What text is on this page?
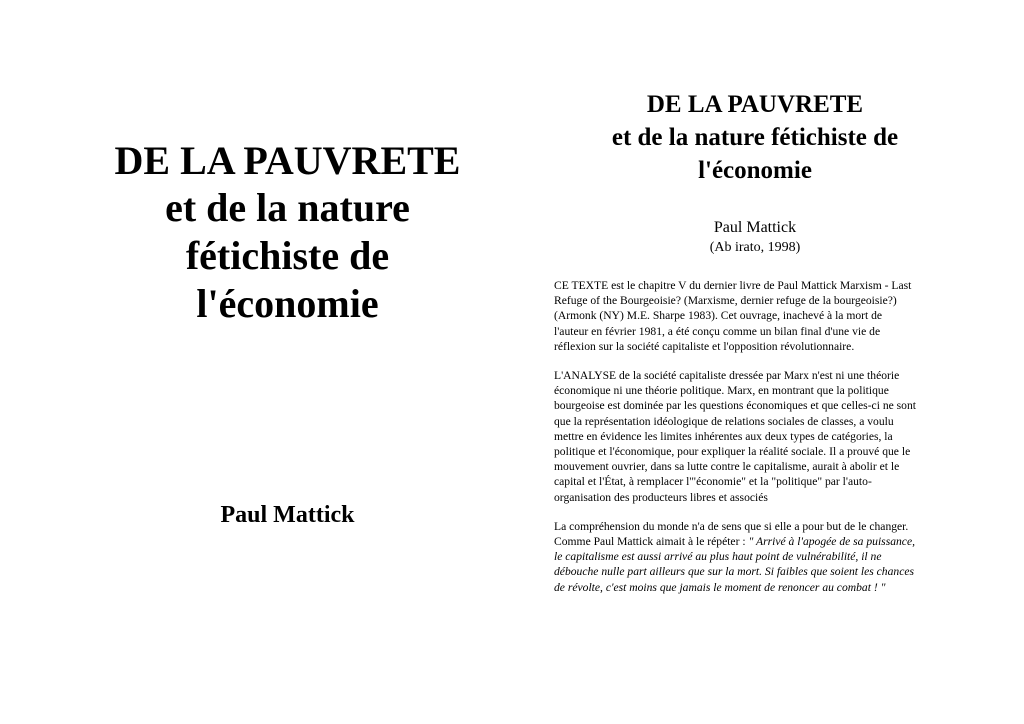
DE LA PAUVRETE
et de la nature
fétichiste de
l'économie
Paul Mattick
DE LA PAUVRETE
et de la nature fétichiste de
l'économie
Paul Mattick
(Ab irato, 1998)

CE TEXTE est le chapitre V du dernier livre de Paul Mattick Marxism - Last Refuge of the Bourgeoisie? (Marxisme, dernier refuge de la bourgeoisie?) (Armonk (NY) M.E. Sharpe 1983). Cet ouvrage, inachevé à la mort de l'auteur en février 1981, a été conçu comme un bilan final d'une vie de réflexion sur la société capitaliste et l'opposition révolutionnaire.

L'ANALYSE de la société capitaliste dressée par Marx n'est ni une théorie économique ni une théorie politique. Marx, en montrant que la politique bourgeoise est dominée par les questions économiques et que celles-ci ne sont que la représentation idéologique de relations sociales de classes, a voulu mettre en évidence les limites inhérentes aux deux types de catégories, la politique et l'économique, pour expliquer la réalité sociale. Il a prouvé que le mouvement ouvrier, dans sa lutte contre le capitalisme, aurait à abolir et le capital et l'État, à remplacer l'"économie" et la "politique" par l'auto-organisation des producteurs libres et associés

La compréhension du monde n'a de sens que si elle a pour but de le changer. Comme Paul Mattick aimait à le répéter : " Arrivé à l'apogée de sa puissance, le capitalisme est aussi arrivé au plus haut point de vulnérabilité, il ne débouche nulle part ailleurs que sur la mort. Si faibles que soient les chances de révolte, c'est moins que jamais le moment de renoncer au combat ! "
